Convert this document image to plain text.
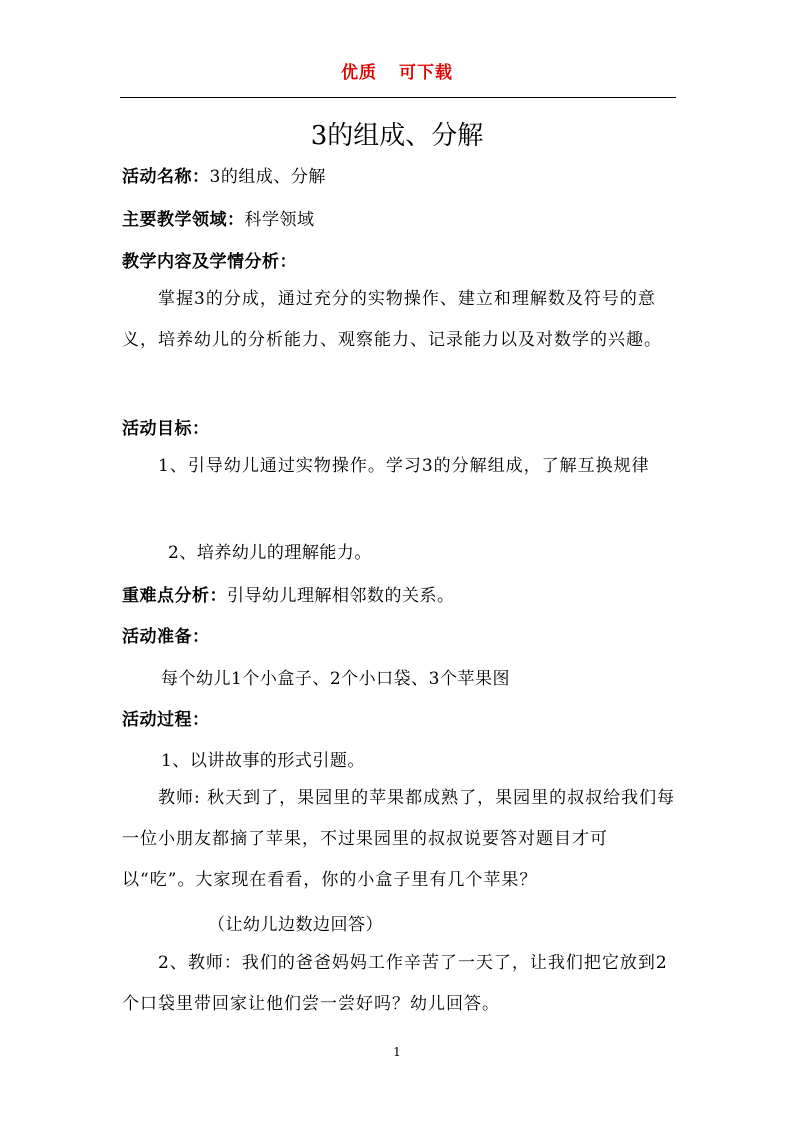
优质 可下载
3的组成、分解
活动名称：3的组成、分解
主要教学领域：科学领域
教学内容及学情分析：
　　掌握3的分成，通过充分的实物操作、建立和理解数及符号的意义，培养幼儿的分析能力、观察能力、记录能力以及对数学的兴趣。
活动目标：
　　1、引导幼儿通过实物操作。学习3的分解组成，了解互换规律
2、培养幼儿的理解能力。
重难点分析：引导幼儿理解相邻数的关系。
活动准备：
每个幼儿1个小盒子、2个小口袋、3个苹果图
活动过程：
1、以讲故事的形式引题。
　　教师: 秋天到了，果园里的苹果都成熟了，果园里的叔叔给我们每一位小朋友都摘了苹果，不过果园里的叔叔说要答对题目才可以“吃”。大家现在看看，你的小盒子里有几个苹果？
（让幼儿边数边回答）
　　2、教师：我们的爸爸妈妈工作辛苦了一天了，让我们把它放到2个口袋里带回家让他们尝一尝好吗？幼儿回答。
1
